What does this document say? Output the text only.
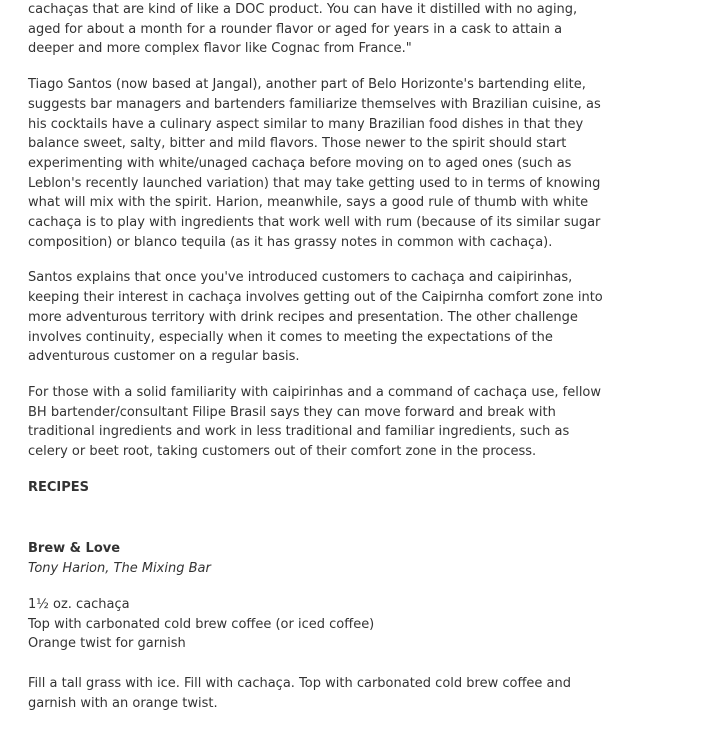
cachaças that are kind of like a DOC product. You can have it distilled with no aging,
aged for about a month for a rounder flavor or aged for years in a cask to attain a
deeper and more complex flavor like Cognac from France."
Tiago Santos (now based at Jangal), another part of Belo Horizonte's bartending elite,
suggests bar managers and bartenders familiarize themselves with Brazilian cuisine, as
his cocktails have a culinary aspect similar to many Brazilian food dishes in that they
balance sweet, salty, bitter and mild flavors. Those newer to the spirit should start
experimenting with white/unaged cachaça before moving on to aged ones (such as
Leblon's recently launched variation) that may take getting used to in terms of knowing
what will mix with the spirit. Harion, meanwhile, says a good rule of thumb with white
cachaça is to play with ingredients that work well with rum (because of its similar sugar
composition) or blanco tequila (as it has grassy notes in common with cachaça).
Santos explains that once you've introduced customers to cachaça and caipirinhas,
keeping their interest in cachaça involves getting out of the Caipirnha comfort zone into
more adventurous territory with drink recipes and presentation. The other challenge
involves continuity, especially when it comes to meeting the expectations of the
adventurous customer on a regular basis.
For those with a solid familiarity with caipirinhas and a command of cachaça use, fellow
BH bartender/consultant Filipe Brasil says they can move forward and break with
traditional ingredients and work in less traditional and familiar ingredients, such as
celery or beet root, taking customers out of their comfort zone in the process.
RECIPES
Brew & Love
Tony Harion, The Mixing Bar
1½ oz. cachaça
Top with carbonated cold brew coffee (or iced coffee)
Orange twist for garnish
Fill a tall grass with ice. Fill with cachaça. Top with carbonated cold brew coffee and
garnish with an orange twist.
